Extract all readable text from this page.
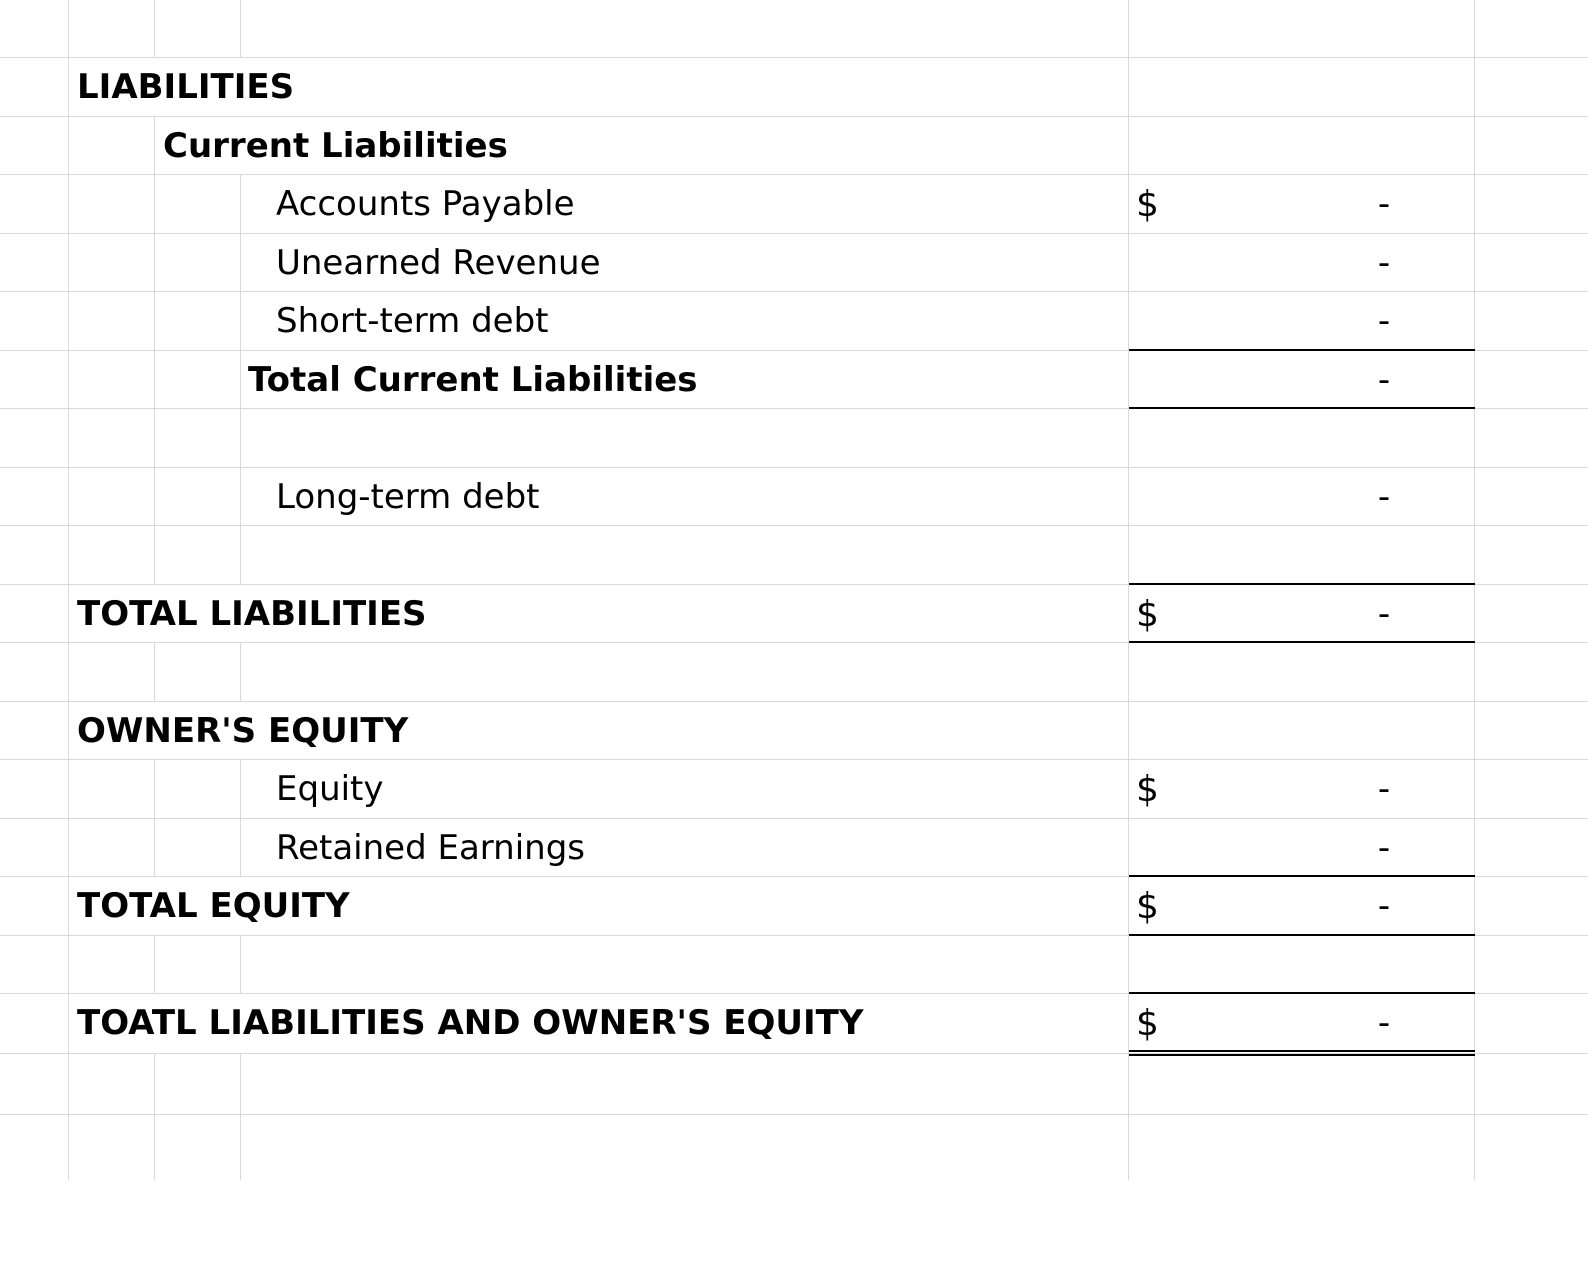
LIABILITIES
Current Liabilities
Accounts Payable	$	-
Unearned Revenue	-
Short-term debt	-
Total Current Liabilities	-
Long-term debt	-
TOTAL LIABILITIES	$	-
OWNER'S EQUITY
Equity	$	-
Retained Earnings	-
TOTAL EQUITY	$	-
TOATL LIABILITIES AND OWNER'S EQUITY	$	-
